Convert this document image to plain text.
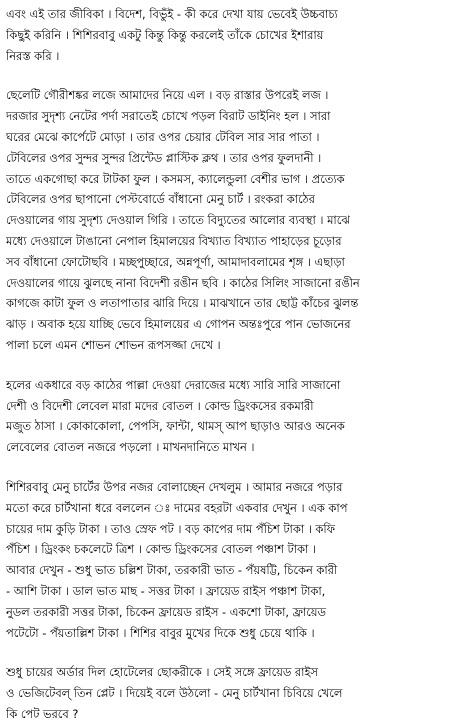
এবং এই তার জীবিকা । বিদেশ, বিভুঁই - কী করে দেখা যায় ভেবেই উচ্চবাচ্য
কিছুই করিনি । শিশিরবাবু একটু কিন্তু কিন্তু করলেই তাঁকে চোখের ইশারায়
নিরস্ত করি ।

ছেলেটি গৌরীশঙ্কর লজে আমাদের নিয়ে এল । বড় রাস্তার উপরেই লজ ।
দরজার সুদৃশ্য নেটের পর্দা সরাতেই চোখে পড়ল বিরাট ডাইনিং হল । সারা
ঘরের মেঝে কার্পেটে মোড়া । তার ওপর চেয়ার টেবিল সার সার পাতা ।
টেবিলের ওপর সুন্দর সুন্দর প্রিন্টেড প্লাস্টিক ক্লথ । তার ওপর ফুলদানী ।
তাতে একগোছা করে টাটকা ফুল । কসমস, ক্যালেন্ডুলা বেশীর ভাগ । প্রত্যেক
টেবিলের ওপর ছাপানো পেস্টবোর্ডে বাঁধানো মেনু চার্ট । রংকরা কাঠের
দেওয়ালের গায় সুদৃশ্য দেওয়াল গিরি । তাতে বিদ্যুতের আলোর ব্যবস্থা । মাঝে
মধ্যে দেওয়ালে টাঙানো নেপাল হিমালয়ের বিখ্যাত বিখ্যাত পাহাড়ের চূড়োর
সব বাঁধানো ফোটোছবি । মচ্ছপুচ্ছারে, অন্নপূর্ণা, আমাদাবলামের শৃঙ্গ । এছাড়া
দেওয়ালের গায়ে ঝুলছে নানা বিদেশী রঙীন ছবি । কাঠের সিলিং সাজানো রঙীন
কাগজে কাটা ফুল ও লতাপাতার ঝারি দিয়ে । মাঝখানে তার ছোট্ট কাঁচের ঝুলন্ত
ঝাড় । অবাক হয়ে যাচ্ছি ভেবে হিমালয়ের এ গোপন অন্তঃপুরে পান ভোজনের
পালা চলে এমন শোভন শোভন রূপসজ্জা দেখে ।

হলের একধারে বড় কাঠের পাল্লা দেওয়া দেরাজের মধ্যে সারি সারি সাজানো
দেশী ও বিদেশী লেবেল মারা মদের বোতল । কোল্ড ড্রিংকসের রকমারী
মজুত ঠাসা । কোকাকোলা, পেপসি, ফান্টা, থামস্ আপ ছাড়াও আরও অনেক
লেবেলের বোতল নজরে পড়লো । মাখনদানিতে মাখন ।

শিশিরবাবু মেনু চার্টের উপর নজর বোলাচ্ছেন দেখলুম । আমার নজরে পড়ার
মতো করে চার্টখানা ধরে বললেন ঃ দামের বহরটা একবার দেখুন । এক কাপ
চায়ের দাম কুড়ি টাকা । তাও স্রেফ পট । বড় কাপের দাম পঁচিশ টাকা । কফি
পঁচিশ । ড্রিংকং চকলেটে ত্রিশ । কোল্ড ড্রিংকসের বোতল পঞ্চাশ টাকা ।
আবার দেখুন - শুধু ভাত চল্লিশ টাকা, তরকারী ভাত - পঁয়ষট্টি, চিকেন কারী
- আশি টাকা । ডাল ভাত মাছ - সত্তর টাকা । ফ্রায়েড রাইস পঞ্চাশ টাকা,
নুডল তরকারী সত্তর টাকা, চিকেন ফ্রায়েড রাইস - একশো টাকা, ফ্রায়েড
পটেটো - পঁয়তাল্লিশ টাকা । শিশির বাবুর মুখের দিকে শুধু চেয়ে থাকি ।

শুধু চায়ের অর্ডার দিল হোটেলের ছোকরীকে । সেই সঙ্গে ফ্রায়েড রাইস
ও ভেজিটেবল্ তিন প্লেট । দিয়েই বলে উঠলো - মেনু চার্টখানা চিবিয়ে খেলে
কি পেট ভরবে ?
